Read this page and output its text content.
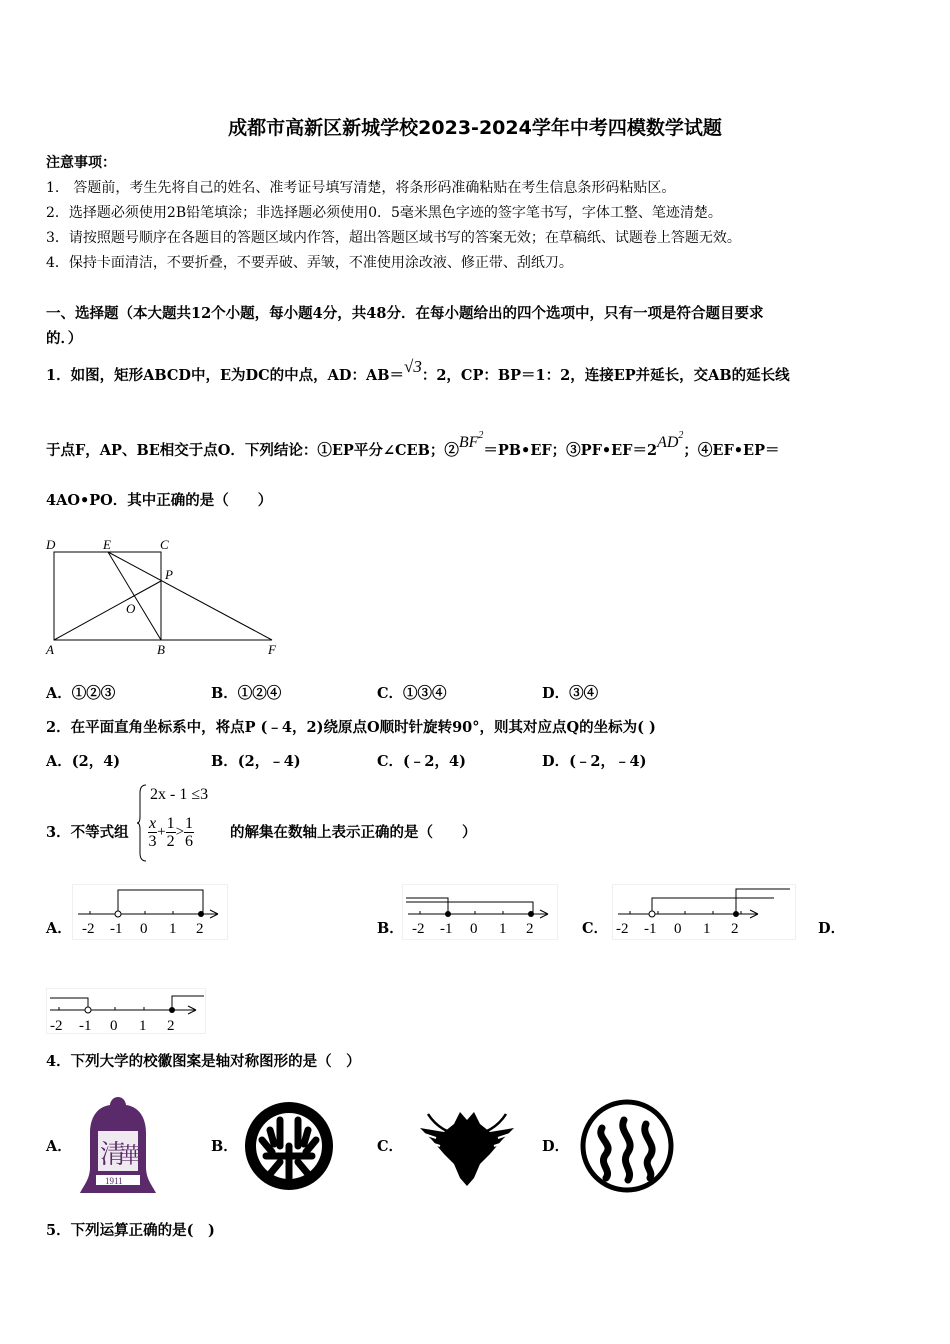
成都市高新区新城学校2023-2024学年中考四模数学试题
注意事项：
1.　答题前，考生先将自己的姓名、准考证号填写清楚，将条形码准确粘贴在考生信息条形码粘贴区。
2．选择题必须使用2B铅笔填涂；非选择题必须使用0．5毫米黑色字迹的签字笔书写，字体工整、笔迹清楚。
3．请按照题号顺序在各题目的答题区域内作答，超出答题区域书写的答案无效；在草稿纸、试题卷上答题无效。
4．保持卡面清洁，不要折叠，不要弄破、弄皱，不准使用涂改液、修正带、刮纸刀。
一、选择题（本大题共12个小题，每小题4分，共48分．在每小题给出的四个选项中，只有一项是符合题目要求
的．）
1．如图，矩形ABCD中，E为DC的中点，AD：AB＝√3：2，CP：BP＝1：2，连接EP并延长，交AB的延长线
于点F，AP、BE相交于点O．下列结论：①EP平分∠CEB；$②BF^2=PB•EF$；$③PF•EF=2AD^2$；④EF•EP＝
4AO•PO．其中正确的是（　　）
D	E	C
P
O
A	B	F
A．①②③	B．①②④	C．①③④	D．③④
2．在平面直角坐标系中，将点P (﹣4，2)绕原点O顺时针旋转90°，则其对应点Q的坐标为( )
A．(2，4)	B．(2，﹣4)	C．(﹣2，4)	D．(﹣2，﹣4)
3．不等式组
2x - 1 ≤3
$\frac{x}{3} + \frac{1}{2} > \frac{1}{6}$ 的解集在数轴上表示正确的是（　　）
A．	B．	C．	D．
-2 -1 0 1 2	-2 -1 0 1 2	-2 -1 0 1 2
-2 -1 0 1 2
4．下列大学的校徽图案是轴对称图形的是（　）
A．	B．	C．	D．
清
華
1911
5．下列运算正确的是(　)
